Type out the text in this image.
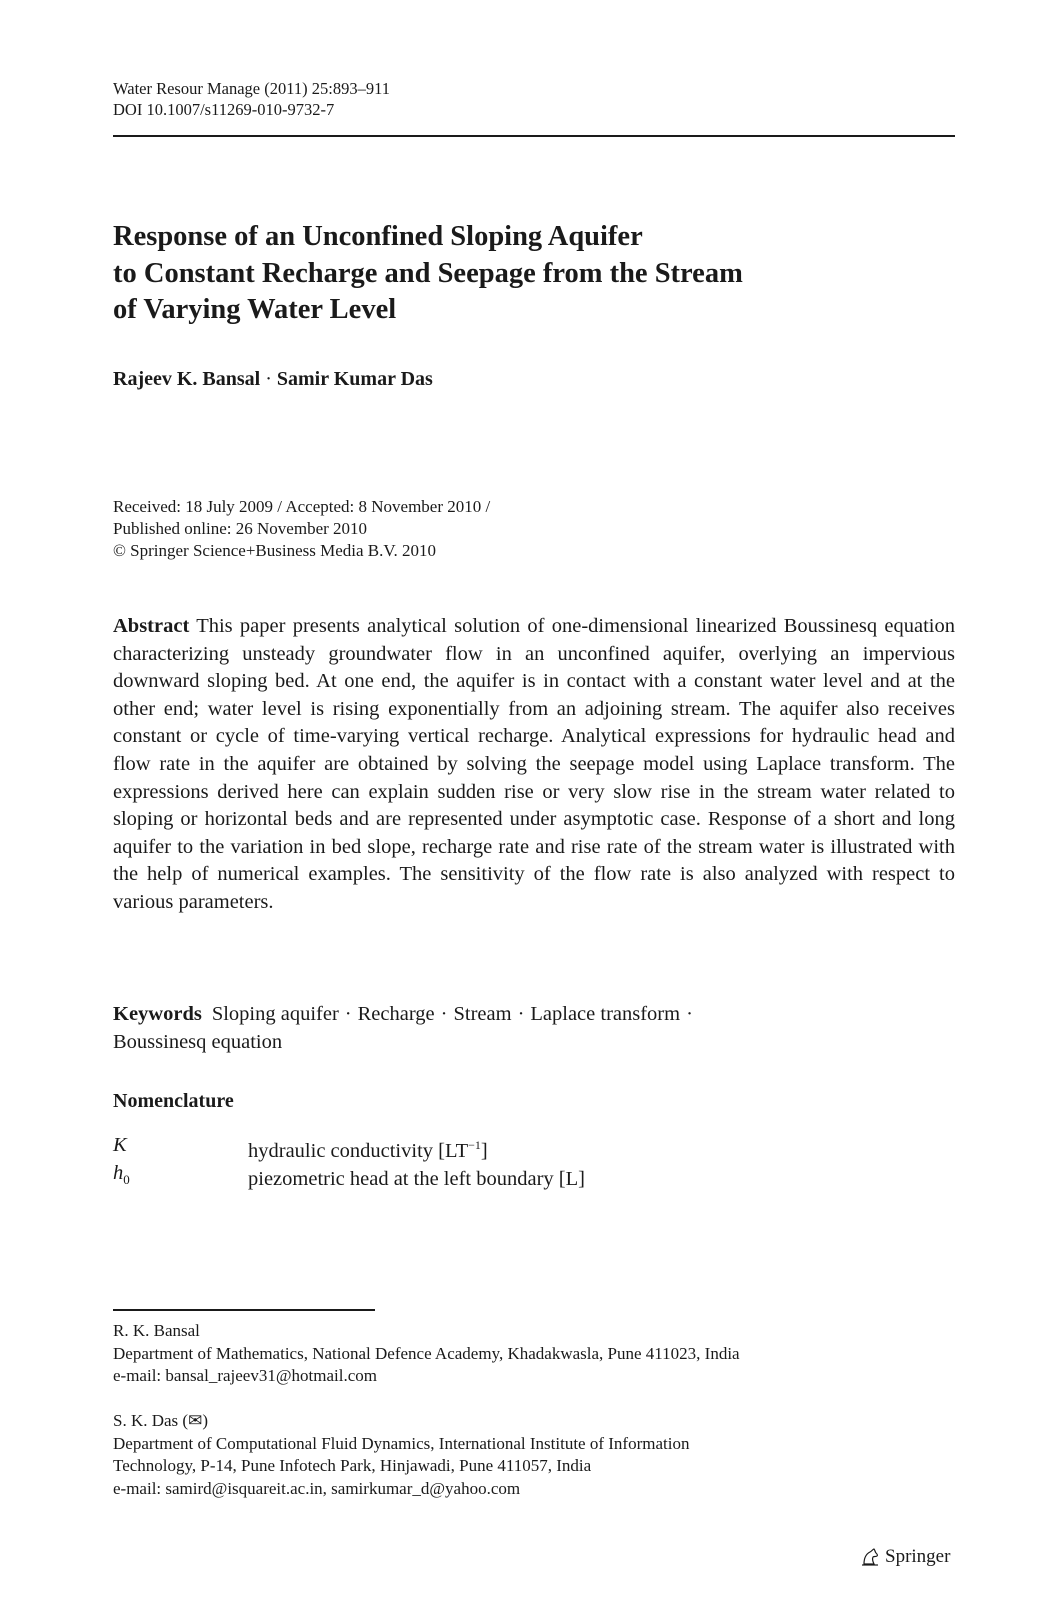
Water Resour Manage (2011) 25:893–911
DOI 10.1007/s11269-010-9732-7
Response of an Unconfined Sloping Aquifer
to Constant Recharge and Seepage from the Stream
of Varying Water Level
Rajeev K. Bansal · Samir Kumar Das
Received: 18 July 2009 / Accepted: 8 November 2010 /
Published online: 26 November 2010
© Springer Science+Business Media B.V. 2010

Abstract This paper presents analytical solution of one-dimensional linearized Boussinesq equation characterizing unsteady groundwater flow in an unconfined aquifer, overlying an impervious downward sloping bed. At one end, the aquifer is in contact with a constant water level and at the other end; water level is rising exponentially from an adjoining stream. The aquifer also receives constant or cycle of time-varying vertical recharge. Analytical expressions for hydraulic head and flow rate in the aquifer are obtained by solving the seepage model using Laplace transform. The expressions derived here can explain sudden rise or very slow rise in the stream water related to sloping or horizontal beds and are represented under asymptotic case. Response of a short and long aquifer to the variation in bed slope, recharge rate and rise rate of the stream water is illustrated with the help of numerical examples. The sensitivity of the flow rate is also analyzed with respect to various parameters.

Keywords Sloping aquifer · Recharge · Stream · Laplace transform ·
Boussinesq equation
Nomenclature
K	hydraulic conductivity $[LT^{-1}]$
$h_0$	piezometric head at the left boundary [L]
R. K. Bansal
Department of Mathematics, National Defence Academy, Khadakwasla, Pune 411023, India
e-mail: bansal_rajeev31@hotmail.com
S. K. Das (✉)
Department of Computational Fluid Dynamics, International Institute of Information
Technology, P-14, Pune Infotech Park, Hinjawadi, Pune 411057, India
e-mail: samird@isquareit.ac.in, samirkumar_d@yahoo.com
Springer
